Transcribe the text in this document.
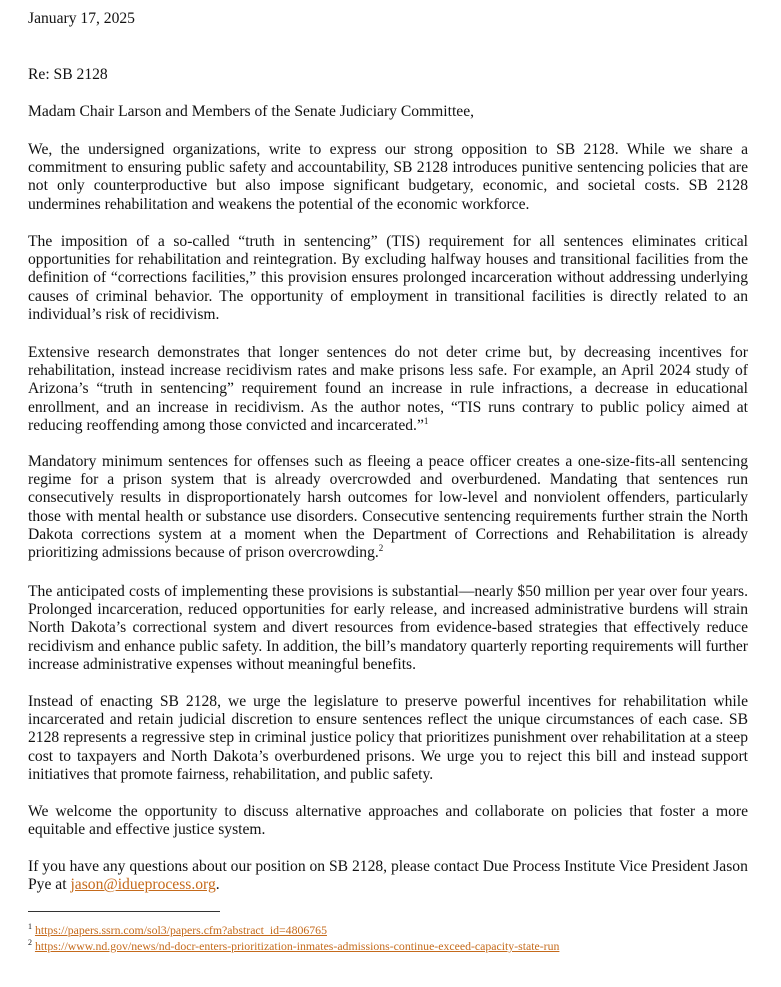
January 17, 2025

Re: SB 2128

Madam Chair Larson and Members of the Senate Judiciary Committee,

We, the undersigned organizations, write to express our strong opposition to SB 2128. While we share a commitment to ensuring public safety and accountability, SB 2128 introduces punitive sentencing policies that are not only counterproductive but also impose significant budgetary, economic, and societal costs. SB 2128 undermines rehabilitation and weakens the potential of the economic workforce.

The imposition of a so-called “truth in sentencing” (TIS) requirement for all sentences eliminates critical opportunities for rehabilitation and reintegration. By excluding halfway houses and transitional facilities from the definition of “corrections facilities,” this provision ensures prolonged incarceration without addressing underlying causes of criminal behavior. The opportunity of employment in transitional facilities is directly related to an individual’s risk of recidivism.

Extensive research demonstrates that longer sentences do not deter crime but, by decreasing incentives for rehabilitation, instead increase recidivism rates and make prisons less safe. For example, an April 2024 study of Arizona’s “truth in sentencing” requirement found an increase in rule infractions, a decrease in educational enrollment, and an increase in recidivism. As the author notes, “TIS runs contrary to public policy aimed at reducing reoffending among those convicted and incarcerated.”$^1$

Mandatory minimum sentences for offenses such as fleeing a peace officer creates a one-size-fits-all sentencing regime for a prison system that is already overcrowded and overburdened. Mandating that sentences run consecutively results in disproportionately harsh outcomes for low-level and nonviolent offenders, particularly those with mental health or substance use disorders. Consecutive sentencing requirements further strain the North Dakota corrections system at a moment when the Department of Corrections and Rehabilitation is already prioritizing admissions because of prison overcrowding.$^2$

The anticipated costs of implementing these provisions is substantial—nearly $50 million per year over four years. Prolonged incarceration, reduced opportunities for early release, and increased administrative burdens will strain North Dakota’s correctional system and divert resources from evidence-based strategies that effectively reduce recidivism and enhance public safety. In addition, the bill’s mandatory quarterly reporting requirements will further increase administrative expenses without meaningful benefits.

Instead of enacting SB 2128, we urge the legislature to preserve powerful incentives for rehabilitation while incarcerated and retain judicial discretion to ensure sentences reflect the unique circumstances of each case. SB 2128 represents a regressive step in criminal justice policy that prioritizes punishment over rehabilitation at a steep cost to taxpayers and North Dakota’s overburdened prisons. We urge you to reject this bill and instead support initiatives that promote fairness, rehabilitation, and public safety.

We welcome the opportunity to discuss alternative approaches and collaborate on policies that foster a more equitable and effective justice system.

If you have any questions about our position on SB 2128, please contact Due Process Institute Vice President Jason Pye at jason@idueprocess.org.

$^1$ https://papers.ssrn.com/sol3/papers.cfm?abstract_id=4806765

$^2$ https://www.nd.gov/news/nd-docr-enters-prioritization-inmates-admissions-continue-exceed-capacity-state-run
